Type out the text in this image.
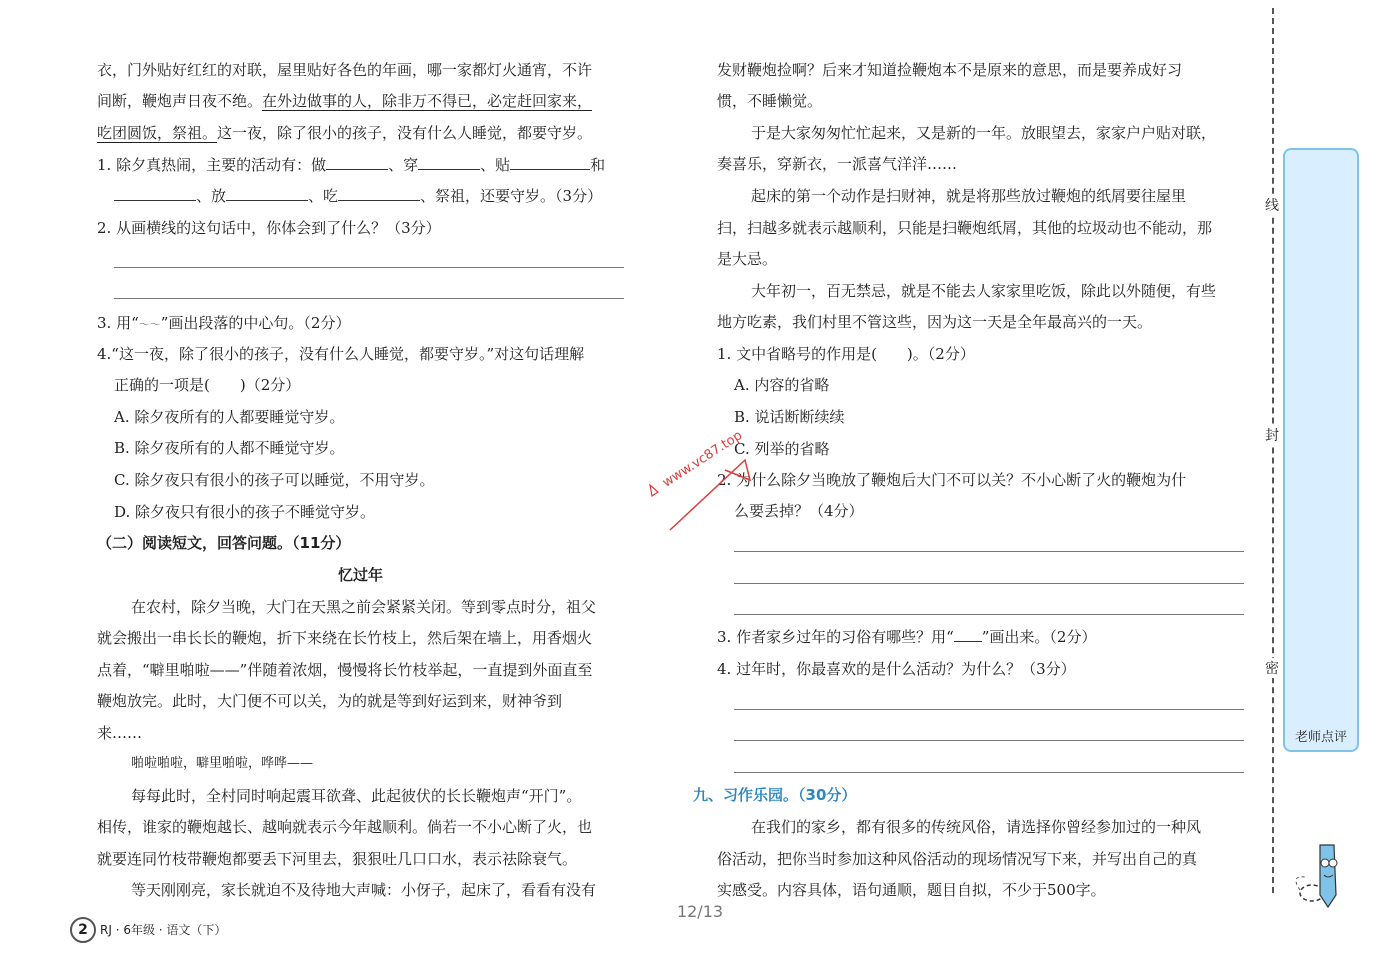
衣，门外贴好红红的对联，屋里贴好各色的年画，哪一家都灯火通宵，不许
间断，鞭炮声日夜不绝。在外边做事的人，除非万不得已，必定赶回家来，
吃团圆饭，祭祖。这一夜，除了很小的孩子，没有什么人睡觉，都要守岁。
1. 除夕真热闹，主要的活动有：做	、穿	、贴	和
、放	、吃	、祭祖，还要守岁。（3分）
2. 从画横线的这句话中，你体会到了什么？（3分）
3. 用“～～”画出段落的中心句。（2分）
4.“这一夜，除了很小的孩子，没有什么人睡觉，都要守岁。”对这句话理解
正确的一项是(　　)（2分）
A. 除夕夜所有的人都要睡觉守岁。
B. 除夕夜所有的人都不睡觉守岁。
C. 除夕夜只有很小的孩子可以睡觉，不用守岁。
D. 除夕夜只有很小的孩子不睡觉守岁。
（二）阅读短文，回答问题。（11分）
忆过年
在农村，除夕当晚，大门在天黑之前会紧紧关闭。等到零点时分，祖父
就会搬出一串长长的鞭炮，折下来绕在长竹枝上，然后架在墙上，用香烟火
点着，“噼里啪啦——”伴随着浓烟，慢慢将长竹枝举起，一直提到外面直至
鞭炮放完。此时，大门便不可以关，为的就是等到好运到来，财神爷到
来……
啪啦啪啦，噼里啪啦，哗哗——
每每此时，全村同时响起震耳欲聋、此起彼伏的长长鞭炮声“开门”。
相传，谁家的鞭炮越长、越响就表示今年越顺利。倘若一不小心断了火，也
就要连同竹枝带鞭炮都要丢下河里去，狠狠吐几口口水，表示祛除衰气。
等天刚刚亮，家长就迫不及待地大声喊：小伢子，起床了，看看有没有
发财鞭炮捡啊？后来才知道捡鞭炮本不是原来的意思，而是要养成好习
惯，不睡懒觉。
于是大家匆匆忙忙起来，又是新的一年。放眼望去，家家户户贴对联，
奏喜乐，穿新衣，一派喜气洋洋……
起床的第一个动作是扫财神，就是将那些放过鞭炮的纸屑要往屋里
扫，扫越多就表示越顺利，只能是扫鞭炮纸屑，其他的垃圾动也不能动，那
是大忌。
大年初一，百无禁忌，就是不能去人家家里吃饭，除此以外随便，有些
地方吃素，我们村里不管这些，因为这一天是全年最高兴的一天。
1. 文中省略号的作用是(　　)。（2分）
A. 内容的省略
B. 说话断断续续
C. 列举的省略
2. 为什么除夕当晚放了鞭炮后大门不可以关？不小心断了火的鞭炮为什
么要丢掉？（4分）
3. 作者家乡过年的习俗有哪些？用“ ”画出来。（2分）
4. 过年时，你最喜欢的是什么活动？为什么？（3分）
九、习作乐园。（30分）
在我们的家乡，都有很多的传统风俗，请选择你曾经参加过的一种风
俗活动，把你当时参加这种风俗活动的现场情况写下来，并写出自己的真
实感受。内容具体，语句通顺，题目自拟，不少于500字。
www.vc87.top
线
封
密
老师点评
2 RJ · 6年级 · 语文（下）
12/13
